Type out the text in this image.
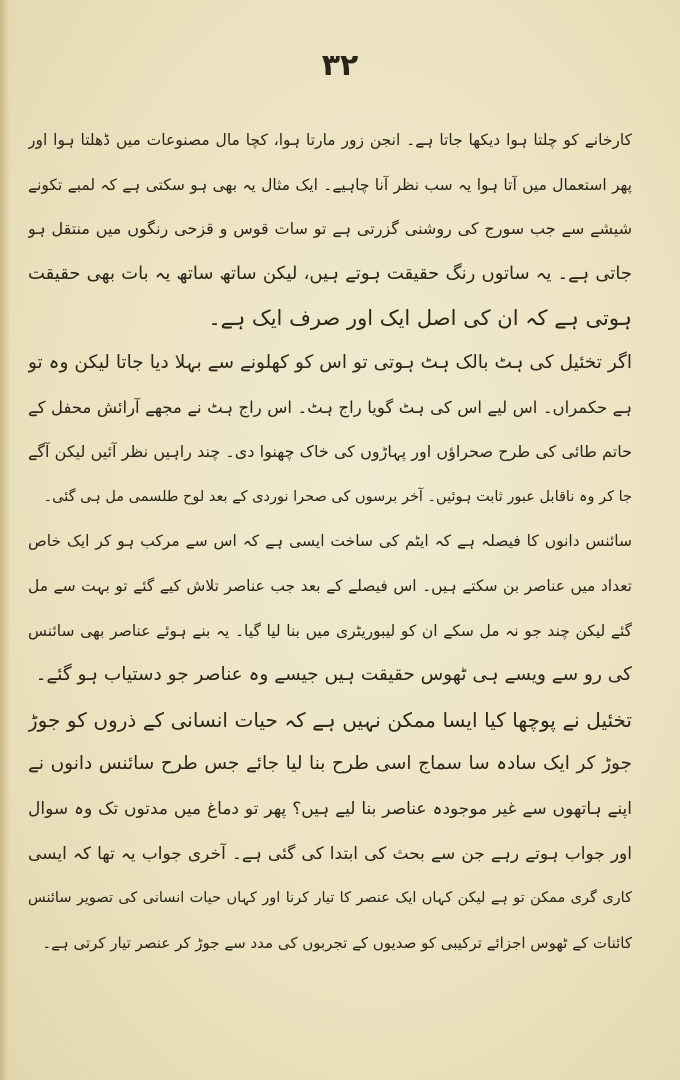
۳۲
کارخانے کو چلتا ہوا دیکھا جاتا ہے۔ انجن زور مارتا ہوا، کچا مال مصنوعات میں ڈھلتا ہوا اور
پھر استعمال میں آتا ہوا یہ سب نظر آنا چاہیے۔ ایک مثال یہ بھی ہو سکتی ہے کہ لمبے تکونے
شیشے سے جب سورج کی روشنی گزرتی ہے تو سات قوس و قزحی رنگوں میں منتقل ہو
جاتی ہے۔ یہ ساتوں رنگ حقیقت ہوتے ہیں، لیکن ساتھ ساتھ یہ بات بھی حقیقت
ہوتی ہے کہ ان کی اصل ایک اور صرف ایک ہے۔
اگر تخئیل کی ہٹ بالک ہٹ ہوتی تو اس کو کھلونے سے بہلا دیا جاتا لیکن وہ تو
ہے حکمراں۔ اس لیے اس کی ہٹ گویا راج ہٹ۔ اس راج ہٹ نے مجھے آرائش محفل کے
حاتم طائی کی طرح صحراؤں اور پہاڑوں کی خاک چھنوا دی۔ چند راہیں نظر آئیں لیکن آگے
جا کر وہ ناقابل عبور ثابت ہوئیں۔ آخر برسوں کی صحرا نوردی کے بعد لوح طلسمی مل ہی گئی۔
سائنس دانوں کا فیصلہ ہے کہ ایٹم کی ساخت ایسی ہے کہ اس سے مرکب ہو کر ایک خاص
تعداد میں عناصر بن سکتے ہیں۔ اس فیصلے کے بعد جب عناصر تلاش کیے گئے تو بہت سے مل
گئے لیکن چند جو نہ مل سکے ان کو لیبوریٹری میں بنا لیا گیا۔ یہ بنے ہوئے عناصر بھی سائنس
کی رو سے ویسے ہی ٹھوس حقیقت ہیں جیسے وہ عناصر جو دستیاب ہو گئے۔
تخئیل نے پوچھا کیا ایسا ممکن نہیں ہے کہ حیات انسانی کے ذروں کو جوڑ
جوڑ کر ایک سادہ سا سماج اسی طرح بنا لیا جائے جس طرح سائنس دانوں نے
اپنے ہاتھوں سے غیر موجودہ عناصر بنا لیے ہیں؟ پھر تو دماغ میں مدتوں تک وہ سوال
اور جواب ہوتے رہے جن سے بحث کی ابتدا کی گئی ہے۔ آخری جواب یہ تھا کہ ایسی
کاری گری ممکن تو ہے لیکن کہاں ایک عنصر کا تیار کرنا اور کہاں حیات انسانی کی تصویر سائنس
کائنات کے ٹھوس اجزائے ترکیبی کو صدیوں کے تجربوں کی مدد سے جوڑ کر عنصر تیار کرتی ہے۔
